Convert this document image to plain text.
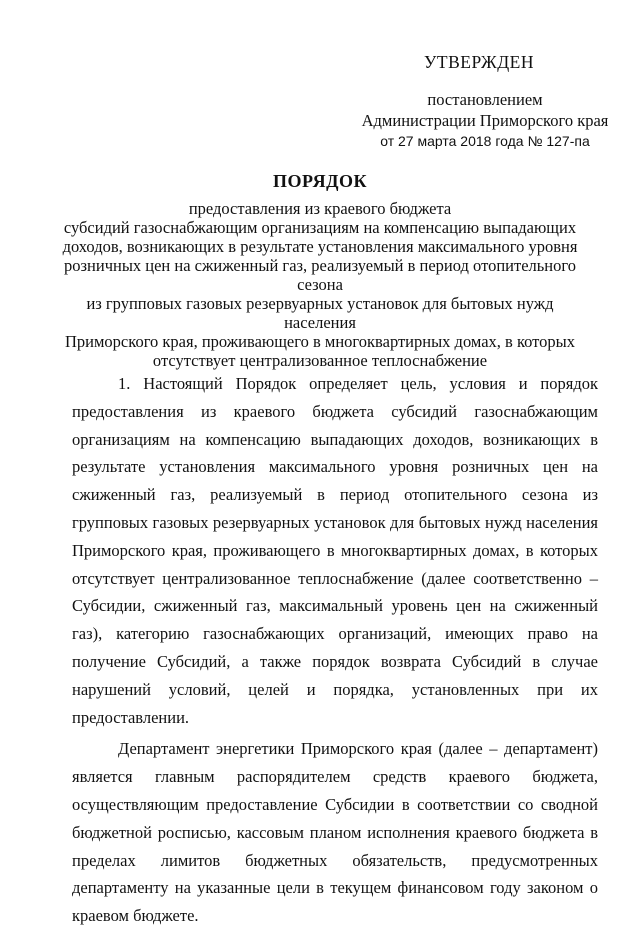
УТВЕРЖДЕН
постановлением
Администрации Приморского края
от 27 марта 2018 года № 127-па
ПОРЯДОК
предоставления из краевого бюджета
субсидий газоснабжающим организациям на компенсацию выпадающих
доходов, возникающих в результате установления максимального уровня
розничных цен на сжиженный газ, реализуемый в период отопительного сезона
из групповых газовых резервуарных установок для бытовых нужд населения
Приморского края, проживающего в многоквартирных домах, в которых
отсутствует централизованное теплоснабжение

1. Настоящий Порядок определяет цель, условия и порядок предоставления из краевого бюджета субсидий газоснабжающим организациям на компенсацию выпадающих доходов, возникающих в результате установления максимального уровня розничных цен на сжиженный газ, реализуемый в период отопительного сезона из групповых газовых резервуарных установок для бытовых нужд населения Приморского края, проживающего в многоквартирных домах, в которых отсутствует централизованное теплоснабжение (далее соответственно – Субсидии, сжиженный газ, максимальный уровень цен на сжиженный газ), категорию газоснабжающих организаций, имеющих право на получение Субсидий, а также порядок возврата Субсидий в случае нарушений условий, целей и порядка, установленных при их предоставлении.

Департамент энергетики Приморского края (далее – департамент) является главным распорядителем средств краевого бюджета, осуществляющим предоставление Субсидии в соответствии со сводной бюджетной росписью, кассовым планом исполнения краевого бюджета в пределах лимитов бюджетных обязательств, предусмотренных департаменту на указанные цели в текущем финансовом году законом о краевом бюджете.
